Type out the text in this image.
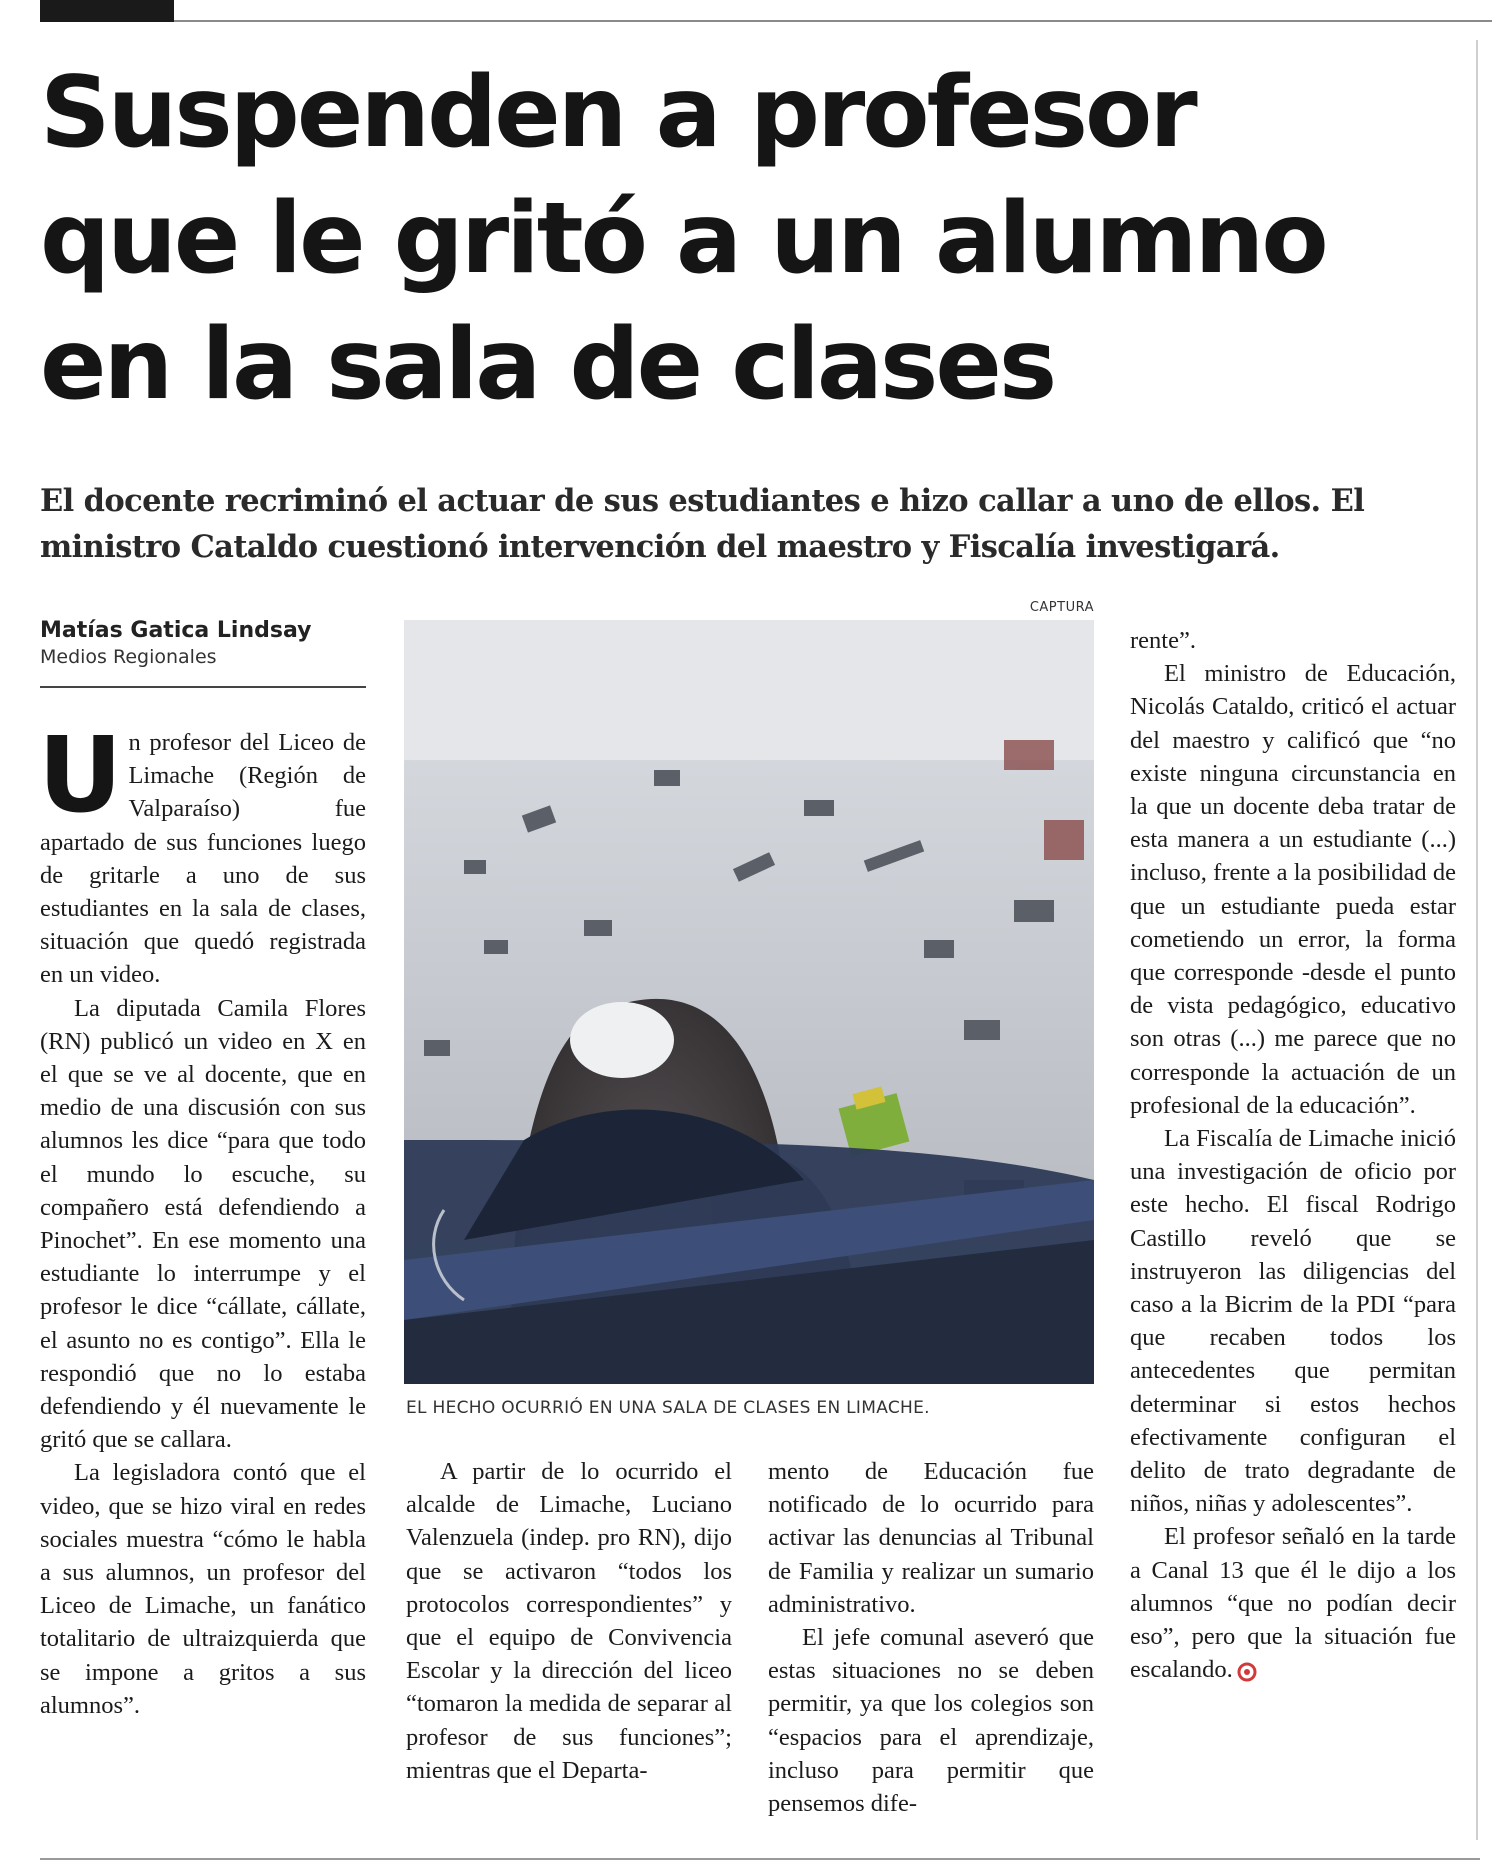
Suspenden a profesor
que le gritó a un alumno
en la sala de clases
El docente recriminó el actuar de sus estudiantes e hizo callar a uno de ellos. El
ministro Cataldo cuestionó intervención del maestro y Fiscalía investigará.
Matías Gatica Lindsay
Medios Regionales

Un profesor del Liceo de Limache (Región de Valparaíso) fue apartado de sus funciones luego de gritarle a uno de sus estudiantes en la sala de clases, situación que quedó registrada en un video.

La diputada Camila Flores (RN) publicó un video en X en el que se ve al docente, que en medio de una discusión con sus alumnos les dice “para que todo el mundo lo escuche, su compañero está defendiendo a Pinochet”. En ese momento una estudiante lo interrumpe y el profesor le dice “cállate, cállate, el asunto no es contigo”. Ella le respondió que no lo estaba defendiendo y él nuevamente le gritó que se callara.

La legisladora contó que el video, que se hizo viral en redes sociales muestra “cómo le habla a sus alumnos, un profesor del Liceo de Limache, un fanático totalitario de ultraizquierda que se impone a gritos a sus alumnos”.

CAPTURA
EL HECHO OCURRIÓ EN UNA SALA DE CLASES EN LIMACHE.

A partir de lo ocurrido el alcalde de Limache, Luciano Valenzuela (indep. pro RN), dijo que se activaron “todos los protocolos correspondientes” y que el equipo de Convivencia Escolar y la dirección del liceo “tomaron la medida de separar al profesor de sus funciones”; mientras que el Departa-

mento de Educación fue notificado de lo ocurrido para activar las denuncias al Tribunal de Familia y realizar un sumario administrativo.

El jefe comunal aseveró que estas situaciones no se deben permitir, ya que los colegios son “espacios para el aprendizaje, incluso para permitir que pensemos dife-

rente”.

El ministro de Educación, Nicolás Cataldo, criticó el actuar del maestro y calificó que “no existe ninguna circunstancia en la que un docente deba tratar de esta manera a un estudiante (...) incluso, frente a la posibilidad de que un estudiante pueda estar cometiendo un error, la forma que corresponde -desde el punto de vista pedagógico, educativo son otras (...) me parece que no corresponde la actuación de un profesional de la educación”.

La Fiscalía de Limache inició una investigación de oficio por este hecho. El fiscal Rodrigo Castillo reveló que se instruyeron las diligencias del caso a la Bicrim de la PDI “para que recaben todos los antecedentes que permitan determinar si estos hechos efectivamente configuran el delito de trato degradante de niños, niñas y adolescentes”.

El profesor señaló en la tarde a Canal 13 que él le dijo a los alumnos “que no podían decir eso”, pero que la situación fue escalando.
